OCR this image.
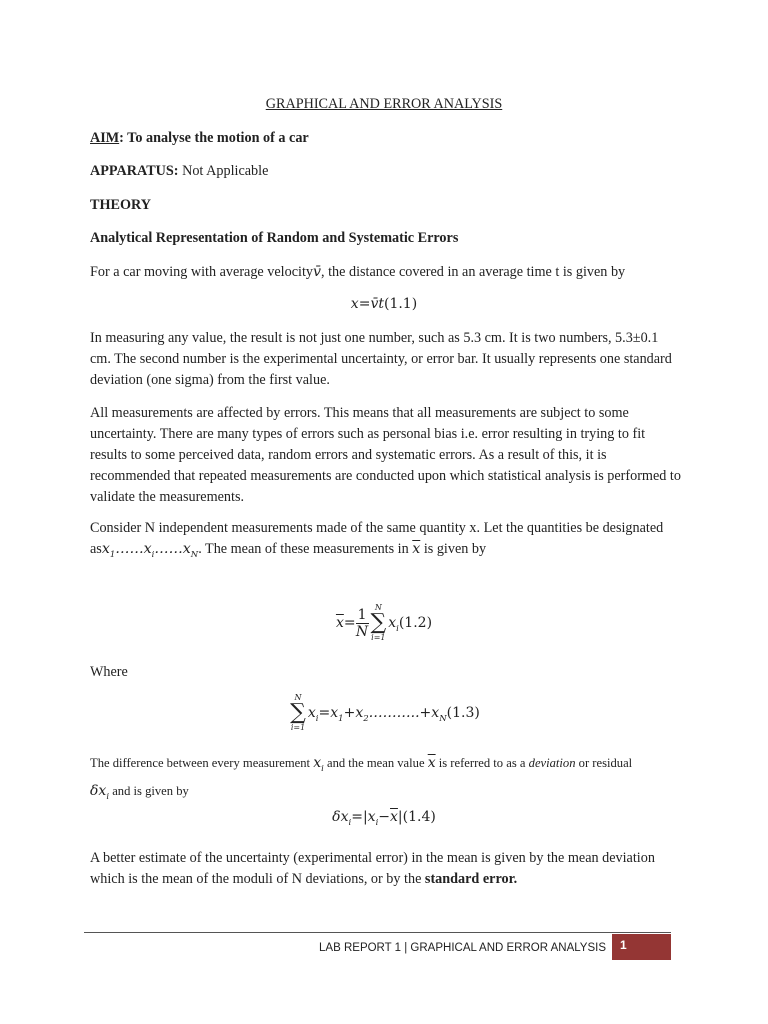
GRAPHICAL AND ERROR ANALYSIS
AIM: To analyse the motion of a car
APPARATUS: Not Applicable
THEORY
Analytical Representation of Random and Systematic Errors
For a car moving with average velocityv̄, the distance covered in an average time t is given by
x=v̄t(1.1)
In measuring any value, the result is not just one number, such as 5.3 cm. It is two numbers, 5.3±0.1 cm. The second number is the experimental uncertainty, or error bar. It usually represents one standard deviation (one sigma) from the first value.
All measurements are affected by errors. This means that all measurements are subject to some uncertainty. There are many types of errors such as personal bias i.e. error resulting in trying to fit results to some perceived data, random errors and systematic errors. As a result of this, it is recommended that repeated measurements are conducted upon which statistical analysis is performed to validate the measurements.
Consider N independent measurements made of the same quantity x. Let the quantities be designated $asx_1\dots\dots x_i\dots\dots x_N$. The mean of these measurements in $\overline{x}$ is given by
$\overline{x}= \frac{1}{N}$ N
∑
i=1
$x_i(1.2)$
Where
N
∑
i=1
$x_i=x_1+x_2\dots\dots\dots..+x_N(1.3)$
The difference between every measurement $x_i$ and the mean value $\overline{x}$ is referred to as a deviation or residual $\delta x_i$ and is given by
$\delta x_i=|x_i-\overline{x}|(1.4)$
A better estimate of the uncertainty (experimental error) in the mean is given by the mean deviation which is the mean of the moduli of N deviations, or by the standard error.
LAB REPORT 1 | GRAPHICAL AND ERROR ANALYSIS 1
